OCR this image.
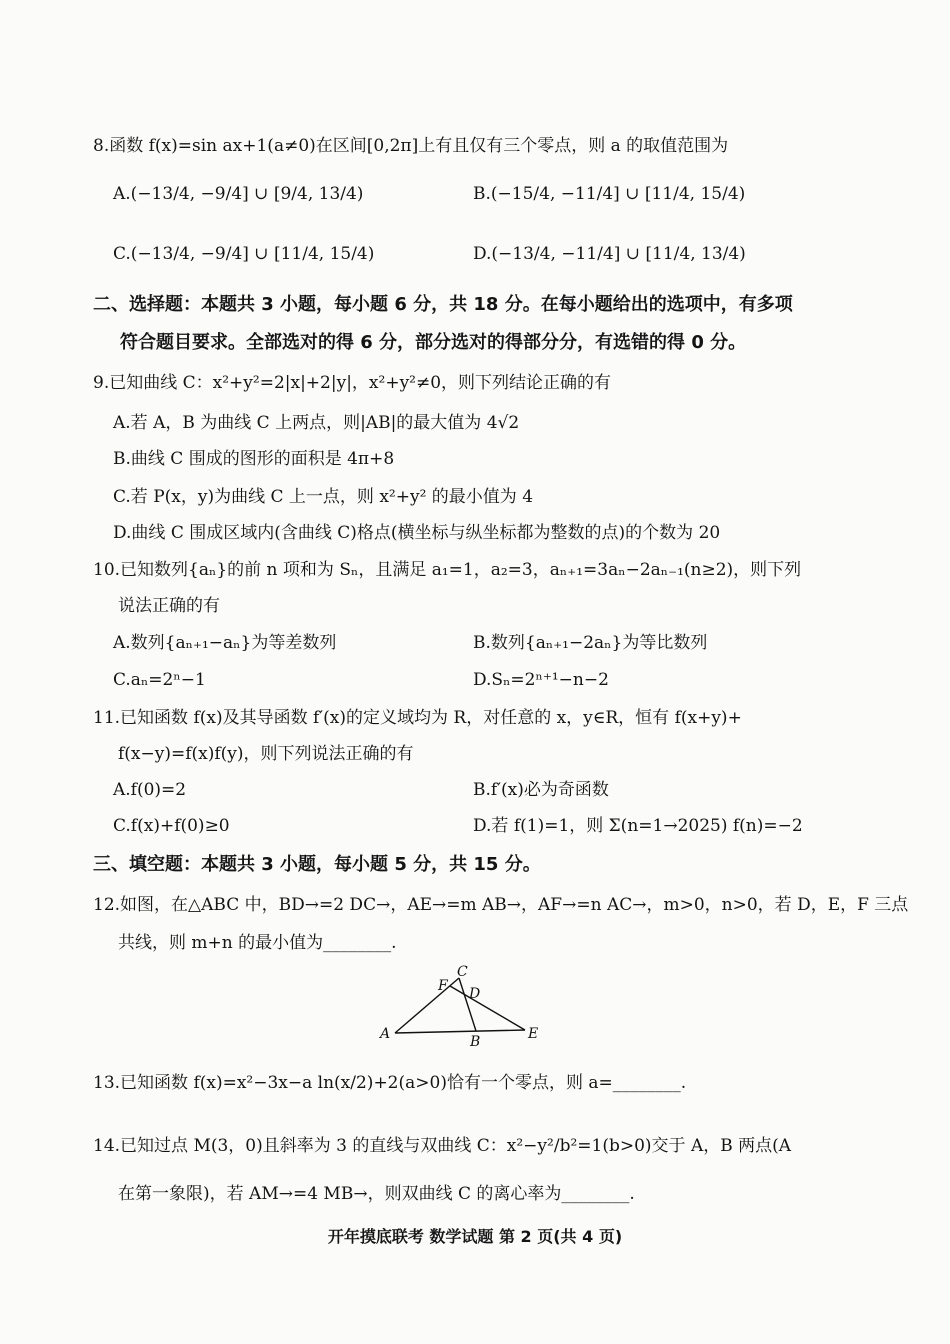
8.函数 f(x)=sin ax+1(a≠0)在区间[0,2π]上有且仅有三个零点，则 a 的取值范围为
A.(−13/4, −9/4] ∪ [9/4, 13/4)	B.(−15/4, −11/4] ∪ [11/4, 15/4)
C.(−13/4, −9/4] ∪ [11/4, 15/4)	D.(−13/4, −11/4] ∪ [11/4, 13/4)
二、选择题：本题共 3 小题，每小题 6 分，共 18 分。在每小题给出的选项中，有多项
符合题目要求。全部选对的得 6 分，部分选对的得部分分，有选错的得 0 分。
9.已知曲线 C：x²+y²=2|x|+2|y|，x²+y²≠0，则下列结论正确的有
A.若 A，B 为曲线 C 上两点，则|AB|的最大值为 4√2
B.曲线 C 围成的图形的面积是 4π+8
C.若 P(x，y)为曲线 C 上一点，则 x²+y² 的最小值为 4
D.曲线 C 围成区域内(含曲线 C)格点(横坐标与纵坐标都为整数的点)的个数为 20
10.已知数列{aₙ}的前 n 项和为 Sₙ，且满足 a₁=1，a₂=3，aₙ₊₁=3aₙ−2aₙ₋₁(n≥2)，则下列
说法正确的有
A.数列{aₙ₊₁−aₙ}为等差数列	B.数列{aₙ₊₁−2aₙ}为等比数列
C.aₙ=2ⁿ−1	D.Sₙ=2ⁿ⁺¹−n−2
11.已知函数 f(x)及其导函数 f′(x)的定义域均为 R，对任意的 x，y∈R，恒有 f(x+y)+
f(x−y)=f(x)f(y)，则下列说法正确的有
A.f(0)=2	B.f′(x)必为奇函数
C.f(x)+f(0)≥0	D.若 f(1)=1，则 Σ(n=1→2025) f(n)=−2
三、填空题：本题共 3 小题，每小题 5 分，共 15 分。
12.如图，在△ABC 中，BD→=2 DC→，AE→=m AB→，AF→=n AC→，m>0，n>0，若 D，E，F 三点
共线，则 m+n 的最小值为________.
C
F D
A	B	E
13.已知函数 f(x)=x²−3x−a ln(x/2)+2(a>0)恰有一个零点，则 a=________.
14.已知过点 M(3，0)且斜率为 3 的直线与双曲线 C：x²−y²/b²=1(b>0)交于 A，B 两点(A
在第一象限)，若 AM→=4 MB→，则双曲线 C 的离心率为________.
开年摸底联考 数学试题 第 2 页(共 4 页)
